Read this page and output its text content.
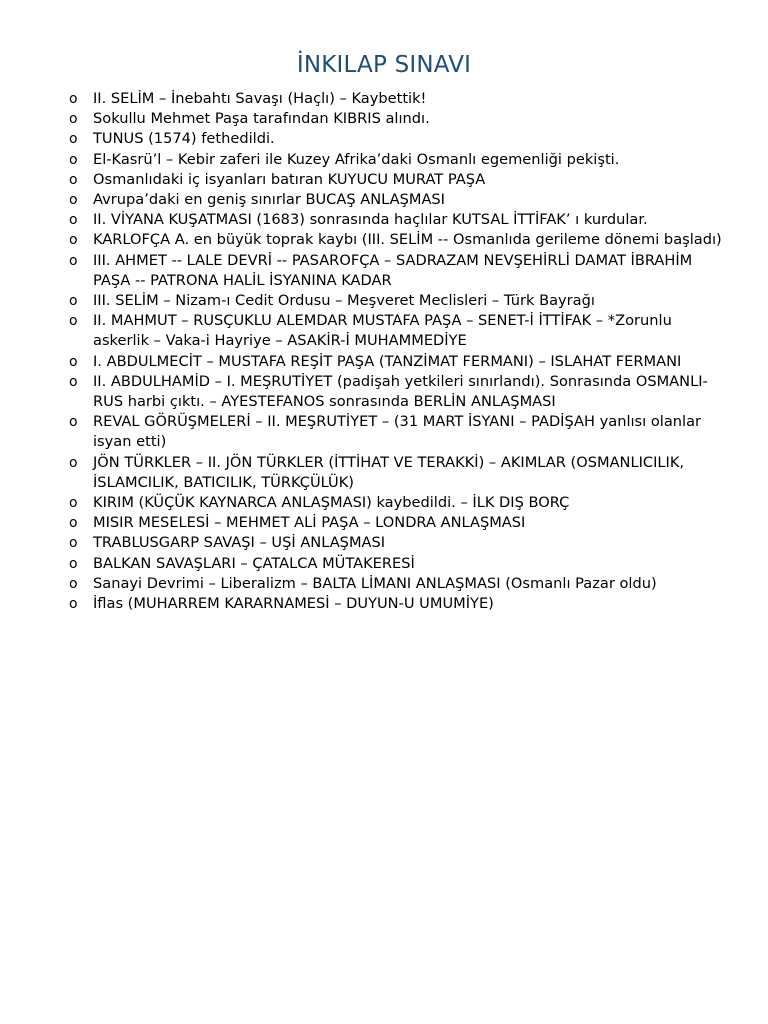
İNKILAP SINAVI
o II. SELİM – İnebahtı Savaşı (Haçlı) – Kaybettik!
o Sokullu Mehmet Paşa tarafından KIBRIS alındı.
o TUNUS (1574) fethedildi.
o El-Kasrü’l – Kebir zaferi ile Kuzey Afrika’daki Osmanlı egemenliği pekişti.
o Osmanlıdaki iç isyanları batıran KUYUCU MURAT PAŞA
o Avrupa’daki en geniş sınırlar BUCAŞ ANLAŞMASI
o II. VİYANA KUŞATMASI (1683) sonrasında haçlılar KUTSAL İTTİFAK’ ı kurdular.
o KARLOFÇA A. en büyük toprak kaybı (III. SELİM -- Osmanlıda gerileme dönemi başladı)
o III. AHMET -- LALE DEVRİ -- PASAROFÇA – SADRAZAM NEVŞEHİRLİ DAMAT İBRAHİM PAŞA -- PATRONA HALİL İSYANINA KADAR
o III. SELİM – Nizam-ı Cedit Ordusu – Meşveret Meclisleri – Türk Bayrağı
o II. MAHMUT – RUSÇUKLU ALEMDAR MUSTAFA PAŞA – SENET-İ İTTİFAK – *Zorunlu askerlik – Vaka-i Hayriye – ASAKİR-İ MUHAMMEDİYE
o I. ABDULMECİT – MUSTAFA REŞİT PAŞA (TANZİMAT FERMANI) – ISLAHAT FERMANI
o II. ABDULHAMİD – I. MEŞRUTİYET (padişah yetkileri sınırlandı). Sonrasında OSMANLI-RUS harbi çıktı. – AYESTEFANOS sonrasında BERLİN ANLAŞMASI
o REVAL GÖRÜŞMELERİ – II. MEŞRUTİYET – (31 MART İSYANI – PADİŞAH yanlısı olanlar isyan etti)
o JÖN TÜRKLER – II. JÖN TÜRKLER (İTTİHAT VE TERAKKİ) – AKIMLAR (OSMANLICILIK, İSLAMCILIK, BATICILIK, TÜRKÇÜLÜK)
o KIRIM (KÜÇÜK KAYNARCA ANLAŞMASI) kaybedildi. – İLK DIŞ BORÇ
o MISIR MESELESİ – MEHMET ALİ PAŞA – LONDRA ANLAŞMASI
o TRABLUSGARP SAVAŞI – UŞİ ANLAŞMASI
o BALKAN SAVAŞLARI – ÇATALCA MÜTAKERESİ
o Sanayi Devrimi – Liberalizm – BALTA LİMANI ANLAŞMASI (Osmanlı Pazar oldu)
o İflas (MUHARREM KARARNAMESİ – DUYUN-U UMUMİYE)
